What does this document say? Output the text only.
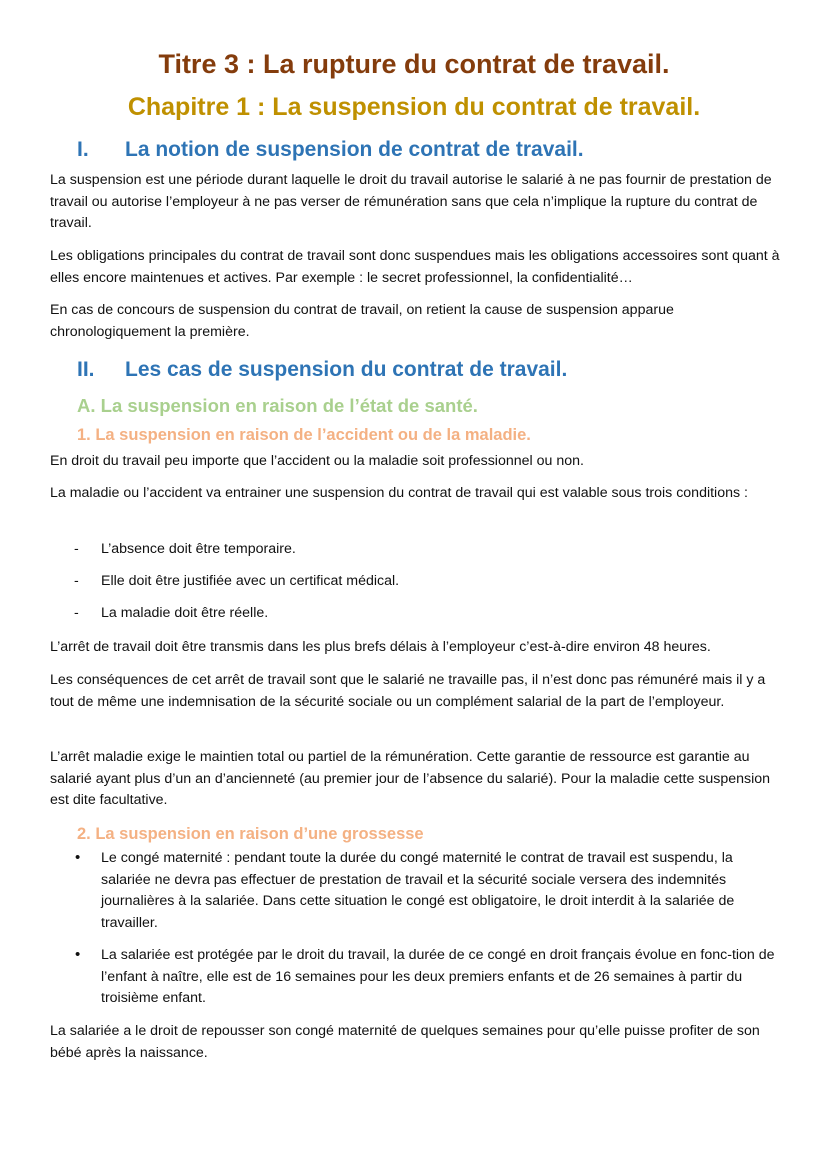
Titre 3 : La rupture du contrat de travail.
Chapitre 1 : La suspension du contrat de travail.
I. La notion de suspension de contrat de travail.

La suspension est une période durant laquelle le droit du travail autorise le salarié à ne pas fournir de prestation de travail ou autorise l’employeur à ne pas verser de rémunération sans que cela n’implique la rupture du contrat de travail.

Les obligations principales du contrat de travail sont donc suspendues mais les obligations accessoires sont quant à elles encore maintenues et actives. Par exemple : le secret professionnel, la confidentialité…

En cas de concours de suspension du contrat de travail, on retient la cause de suspension apparue chronologiquement la première.

II. Les cas de suspension du contrat de travail.
A. La suspension en raison de l’état de santé.
1. La suspension en raison de l’accident ou de la maladie.

En droit du travail peu importe que l’accident ou la maladie soit professionnel ou non.

La maladie ou l’accident va entrainer une suspension du contrat de travail qui est valable sous trois conditions :

- L’absence doit être temporaire.
- Elle doit être justifiée avec un certificat médical.
- La maladie doit être réelle.

L’arrêt de travail doit être transmis dans les plus brefs délais à l’employeur c’est-à-dire environ 48 heures.

Les conséquences de cet arrêt de travail sont que le salarié ne travaille pas, il n’est donc pas rémunéré mais il y a tout de même une indemnisation de la sécurité sociale ou un complément salarial de la part de l’employeur.

L’arrêt maladie exige le maintien total ou partiel de la rémunération. Cette garantie de ressource est garantie au salarié ayant plus d’un an d’ancienneté (au premier jour de l’absence du salarié). Pour la maladie cette suspension est dite facultative.

2. La suspension en raison d’une grossesse
• Le congé maternité : pendant toute la durée du congé maternité le contrat de travail est suspendu, la salariée ne devra pas effectuer de prestation de travail et la sécurité sociale versera des indemnités journalières à la salariée. Dans cette situation le congé est obligatoire, le droit interdit à la salariée de travailler.
• La salariée est protégée par le droit du travail, la durée de ce congé en droit français évolue en fonc-tion de l’enfant à naître, elle est de 16 semaines pour les deux premiers enfants et de 26 semaines à partir du troisième enfant.

La salariée a le droit de repousser son congé maternité de quelques semaines pour qu’elle puisse profiter de son bébé après la naissance.
